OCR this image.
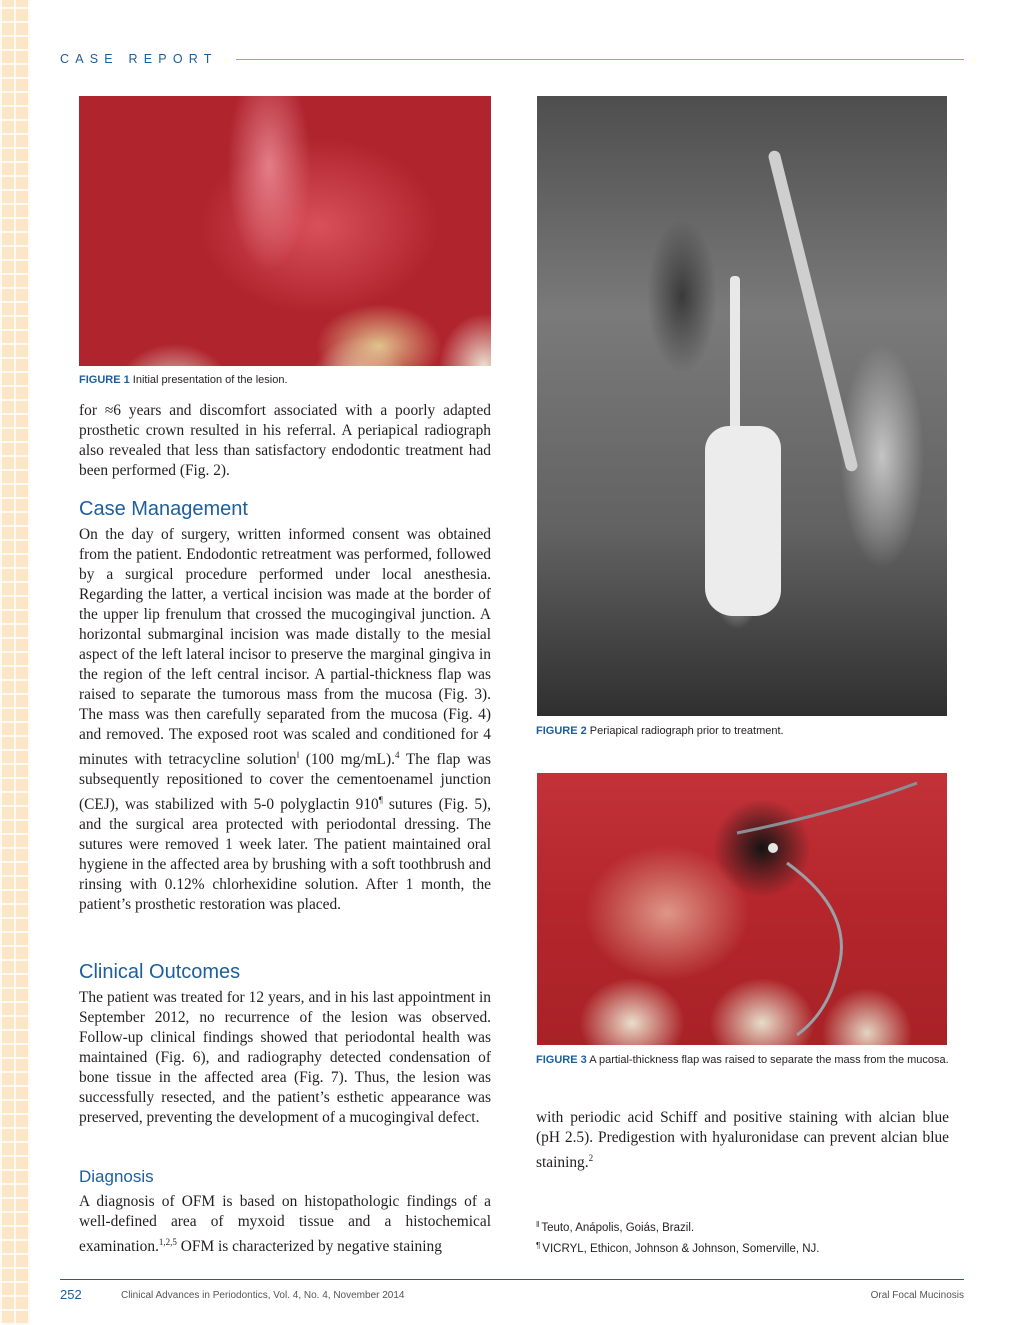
CASE REPORT

FIGURE 1 Initial presentation of the lesion.

for ≈6 years and discomfort associated with a poorly adapted prosthetic crown resulted in his referral. A periapical radiograph also revealed that less than satisfactory endodontic treatment had been performed (Fig. 2).

Case Management

On the day of surgery, written informed consent was obtained from the patient. Endodontic retreatment was performed, followed by a surgical procedure performed under local anesthesia. Regarding the latter, a vertical incision was made at the border of the upper lip frenulum that crossed the mucogingival junction. A horizontal submarginal incision was made distally to the mesial aspect of the left lateral incisor to preserve the marginal gingiva in the region of the left central incisor. A partial-thickness flap was raised to separate the tumorous mass from the mucosa (Fig. 3). The mass was then carefully separated from the mucosa (Fig. 4) and removed. The exposed root was scaled and conditioned for 4 minutes with tetracycline solution‖ (100 mg/mL).$^4$ The flap was subsequently repositioned to cover the cementoenamel junction (CEJ), was stabilized with 5-0 polyglactin 910¶ sutures (Fig. 5), and the surgical area protected with periodontal dressing. The sutures were removed 1 week later. The patient maintained oral hygiene in the affected area by brushing with a soft toothbrush and rinsing with 0.12% chlorhexidine solution. After 1 month, the patient’s prosthetic restoration was placed.

Clinical Outcomes

The patient was treated for 12 years, and in his last appointment in September 2012, no recurrence of the lesion was observed. Follow-up clinical findings showed that periodontal health was maintained (Fig. 6), and radiography detected condensation of bone tissue in the affected area (Fig. 7). Thus, the lesion was successfully resected, and the patient’s esthetic appearance was preserved, preventing the development of a mucogingival defect.

Diagnosis

A diagnosis of OFM is based on histopathologic findings of a well-defined area of myxoid tissue and a histochemical examination.$^{1,2,5}$ OFM is characterized by negative staining

FIGURE 2 Periapical radiograph prior to treatment.

FIGURE 3 A partial-thickness flap was raised to separate the mass from the mucosa.

with periodic acid Schiff and positive staining with alcian blue (pH 2.5). Predigestion with hyaluronidase can prevent alcian blue staining.$^2$

‖ Teuto, Anápolis, Goiás, Brazil.

¶ VICRYL, Ethicon, Johnson & Johnson, Somerville, NJ.

252	Clinical Advances in Periodontics, Vol. 4, No. 4, November 2014	Oral Focal Mucinosis
